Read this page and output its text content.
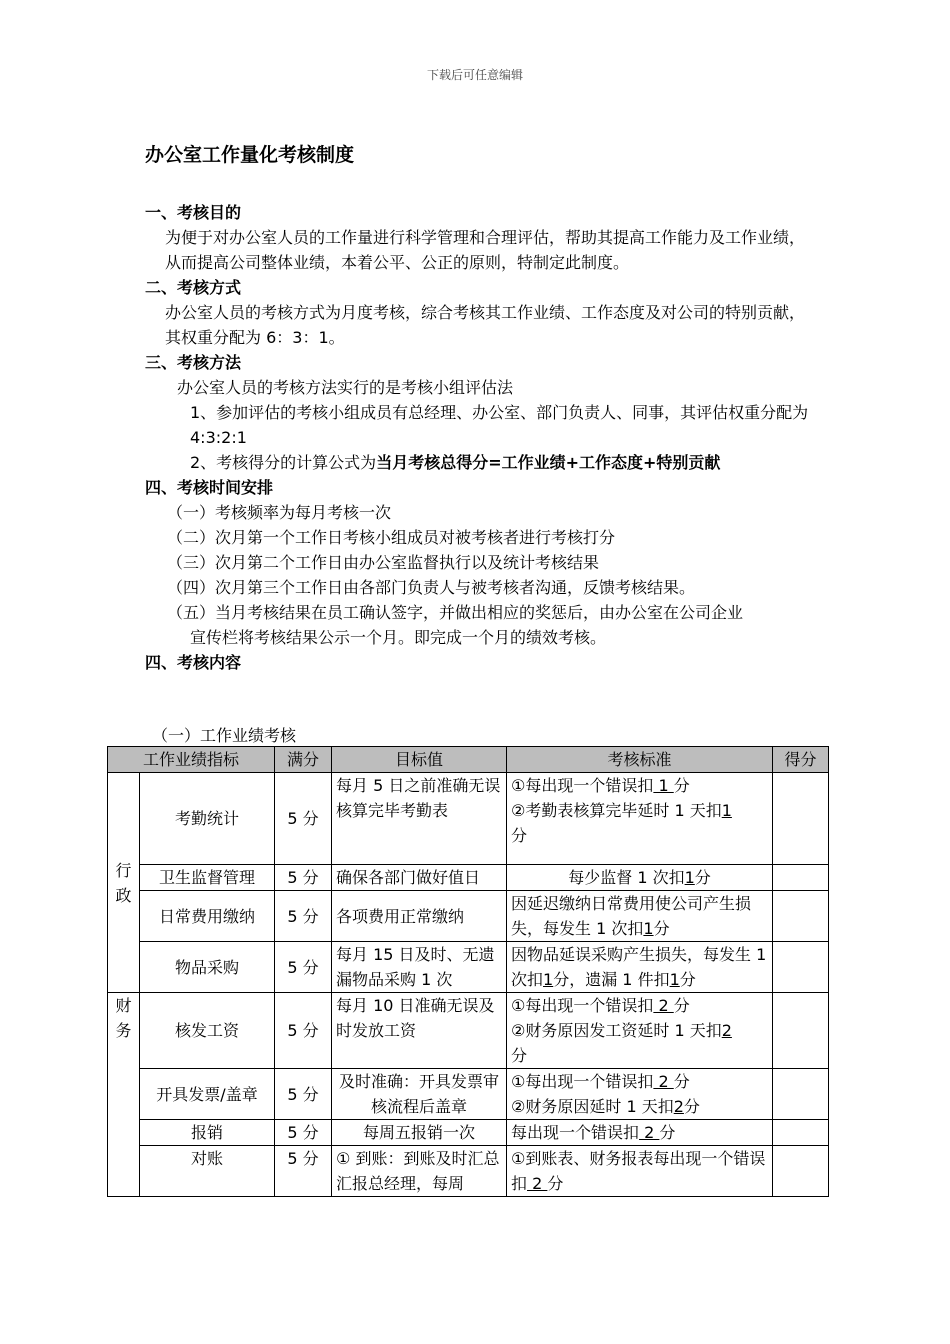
下载后可任意编辑
办公室工作量化考核制度

一、考核目的

为便于对办公室人员的工作量进行科学管理和合理评估，帮助其提高工作能力及工作业绩，从而提高公司整体业绩，本着公平、公正的原则，特制定此制度。

二、考核方式

办公室人员的考核方式为月度考核，综合考核其工作业绩、工作态度及对公司的特别贡献，其权重分配为 6：3：1。

三、考核方法

办公室人员的考核方法实行的是考核小组评估法

1、参加评估的考核小组成员有总经理、办公室、部门负责人、同事，其评估权重分配为 4:3:2:1

2、考核得分的计算公式为当月考核总得分=工作业绩+工作态度+特别贡献

四、考核时间安排

（一）考核频率为每月考核一次

（二）次月第一个工作日考核小组成员对被考核者进行考核打分

（三）次月第二个工作日由办公室监督执行以及统计考核结果

（四）次月第三个工作日由各部门负责人与被考核者沟通，反馈考核结果。

（五）当月考核结果在员工确认签字，并做出相应的奖惩后，由办公室在公司企业

宣传栏将考核结果公示一个月。即完成一个月的绩效考核。

四、考核内容

（一）工作业绩考核
工作业绩指标		满分	目标值	考核标准	得分
行政	考勤统计	5 分	每月 5 日之前准确无误核算完毕考勤表	①每出现一个错误扣 1 分
②考勤表核算完毕延时 1 天扣1
分	

	卫生监督管理	5 分	确保各部门做好值日	每少监督 1 次扣1分	
	日常费用缴纳	5 分	各项费用正常缴纳	因延迟缴纳日常费用使公司产生损失，每发生 1 次扣1分	
	物品采购	5 分	每月 15 日及时、无遗漏物品采购 1 次	因物品延误采购产生损失，每发生 1 次扣1分，遗漏 1 件扣1分	
财务	核发工资	5 分	每月 10 日准确无误及时发放工资	①每出现一个错误扣 2 分
②财务原因发工资延时 1 天扣2
分	

	开具发票/盖章	5 分	及时准确：开具发票审核流程后盖章	①每出现一个错误扣 2 分
②财务原因延时 1 天扣2分	

	报销	5 分	每周五报销一次	每出现一个错误扣 2 分	
	对账	5 分	① 到账：到账及时汇总汇报总经理，每周	①到账表、财务报表每出现一个错误扣 2 分	
